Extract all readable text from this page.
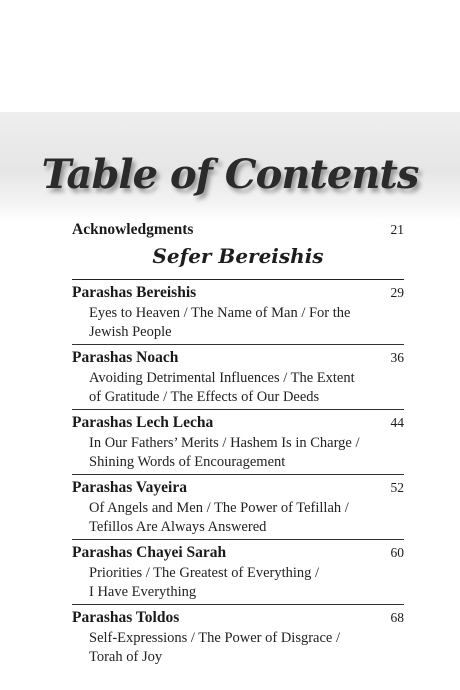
Table of Contents
Acknowledgments	21
Sefer Bereishis
Parashas Bereishis	29
Eyes to Heaven / The Name of Man / For the
Jewish People
Parashas Noach	36
Avoiding Detrimental Influences / The Extent
of Gratitude / The Effects of Our Deeds
Parashas Lech Lecha	44
In Our Fathers’ Merits / Hashem Is in Charge /
Shining Words of Encouragement
Parashas Vayeira	52
Of Angels and Men / The Power of Tefillah /
Tefillos Are Always Answered
Parashas Chayei Sarah	60
Priorities / The Greatest of Everything /
I Have Everything
Parashas Toldos	68
Self-Expressions / The Power of Disgrace /
Torah of Joy
